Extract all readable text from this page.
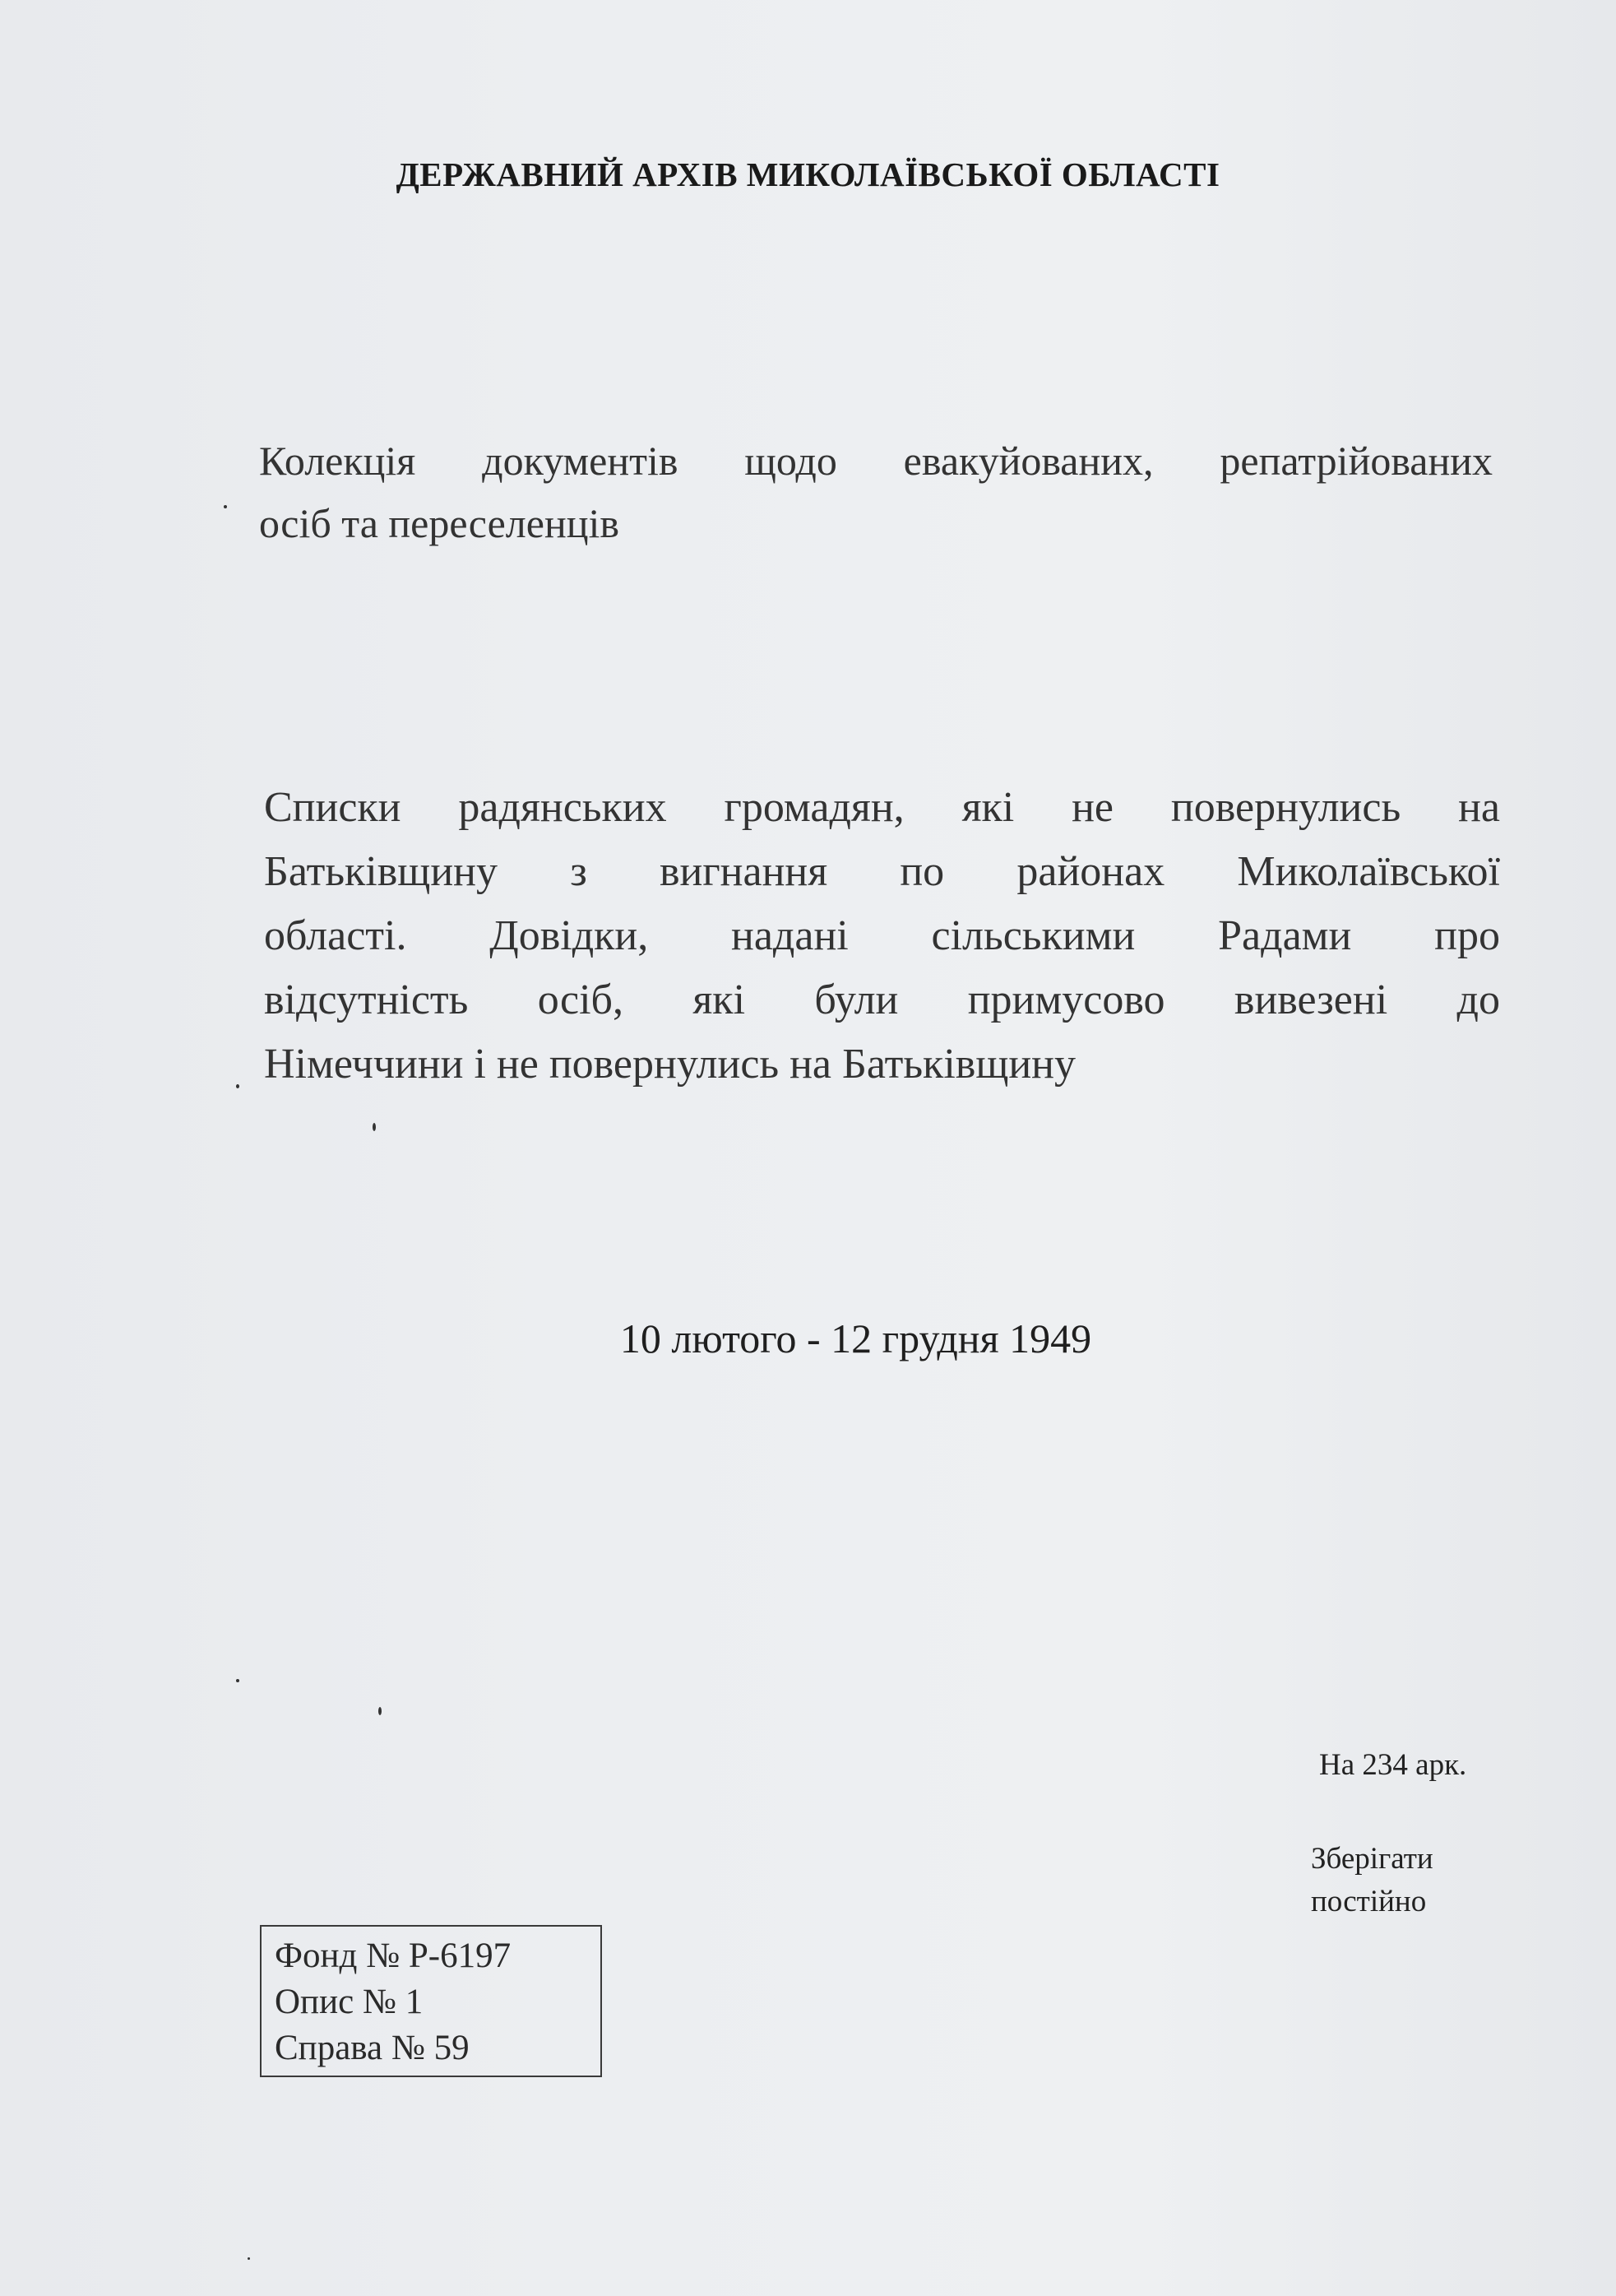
ДЕРЖАВНИЙ АРХІВ МИКОЛАЇВСЬКОЇ ОБЛАСТІ
Колекція документів щодо евакуйованих, репатрійованих
осіб та переселенців
Списки радянських громадян, які не повернулись на
Батьківщину з вигнання по районах Миколаївської
області. Довідки, надані сільськими Радами про
відсутність осіб, які були примусово вивезені до
Німеччини і не повернулись на Батьківщину
10 лютого - 12 грудня 1949
На 234 арк.
Зберігати
постійно
Фонд № Р-6197
Опис № 1
Справа № 59
